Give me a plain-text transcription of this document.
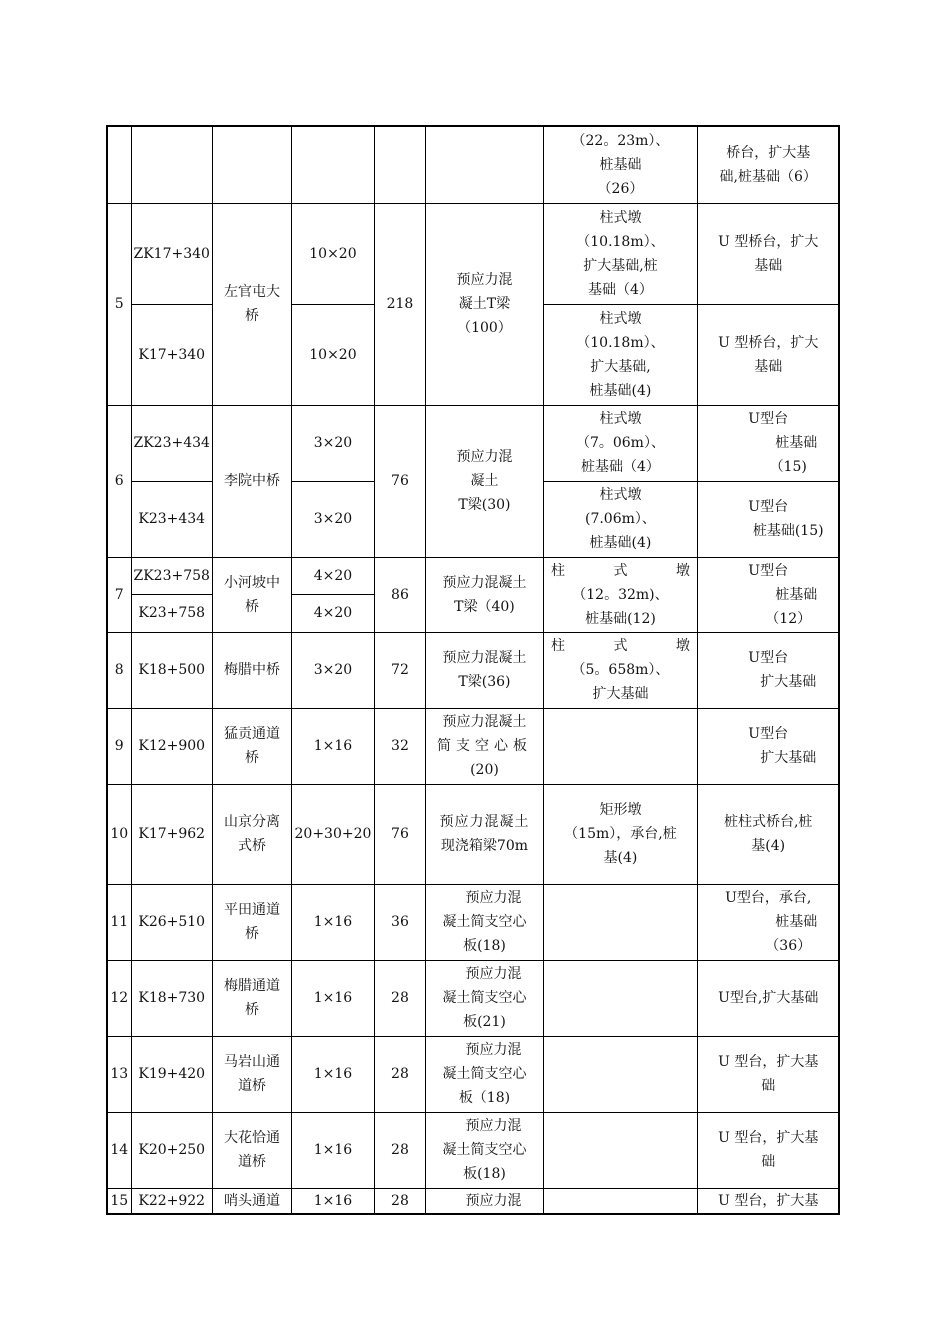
						（22。23m）、
桩基础
（26）	桥台，扩大基
础,桩基础（6）

5	ZK17+340	左官屯大
桥	10×20	218	预应力混
凝土T梁
（100）	柱式墩
（10.18m）、
扩大基础,桩
基础（4）	U 型桥台，扩大
基础

	K17+340		10×20			柱式墩
（10.18m）、
扩大基础,
桩基础(4)	U 型桥台，扩大
基础

6	ZK23+434	李院中桥	3×20	76	预应力混
凝土
T梁(30)	柱式墩
（7。06m）、
桩基础（4）	U型台
桩基础
（15)

	K23+434		3×20			柱式墩
(7.06m）、
桩基础(4)	U型台
桩基础(15)

7	ZK23+758	小河坡中
桥	4×20	86	预应力混凝土
T梁（40)	柱 式 墩
（12。32m)、
桩基础(12)	U型台
桩基础
（12）

	K23+758		4×20				
8	K18+500	梅腊中桥	3×20	72	预应力混凝土
T梁(36)	柱 式 墩
（5。658m）、
扩大基础	U型台
扩大基础

9	K12+900	猛贡通道
桥	1×16	32	预应力混凝土
简支空心板
(20)		U型台
扩大基础

10	K17+962	山京分离
式桥	20+30+20	76	预应力混凝土
现浇箱梁70m	矩形墩
（15m），承台,桩
基(4)	桩柱式桥台,桩
基(4)

11	K26+510	平田通道
桥	1×16	36	预应力混
凝土简支空心
板(18)		U型台，承台,
桩基础
（36）

12	K18+730	梅腊通道
桥	1×16	28	预应力混
凝土简支空心
板(21)		U型台,扩大基础

13	K19+420	马岩山通
道桥	1×16	28	预应力混
凝土简支空心
板（18)		U 型台，扩大基
础

14	K20+250	大花恰通
道桥	1×16	28	预应力混
凝土简支空心
板(18)		U 型台，扩大基
础

15	K22+922	哨头通道	1×16	28	预应力混		U 型台，扩大基
